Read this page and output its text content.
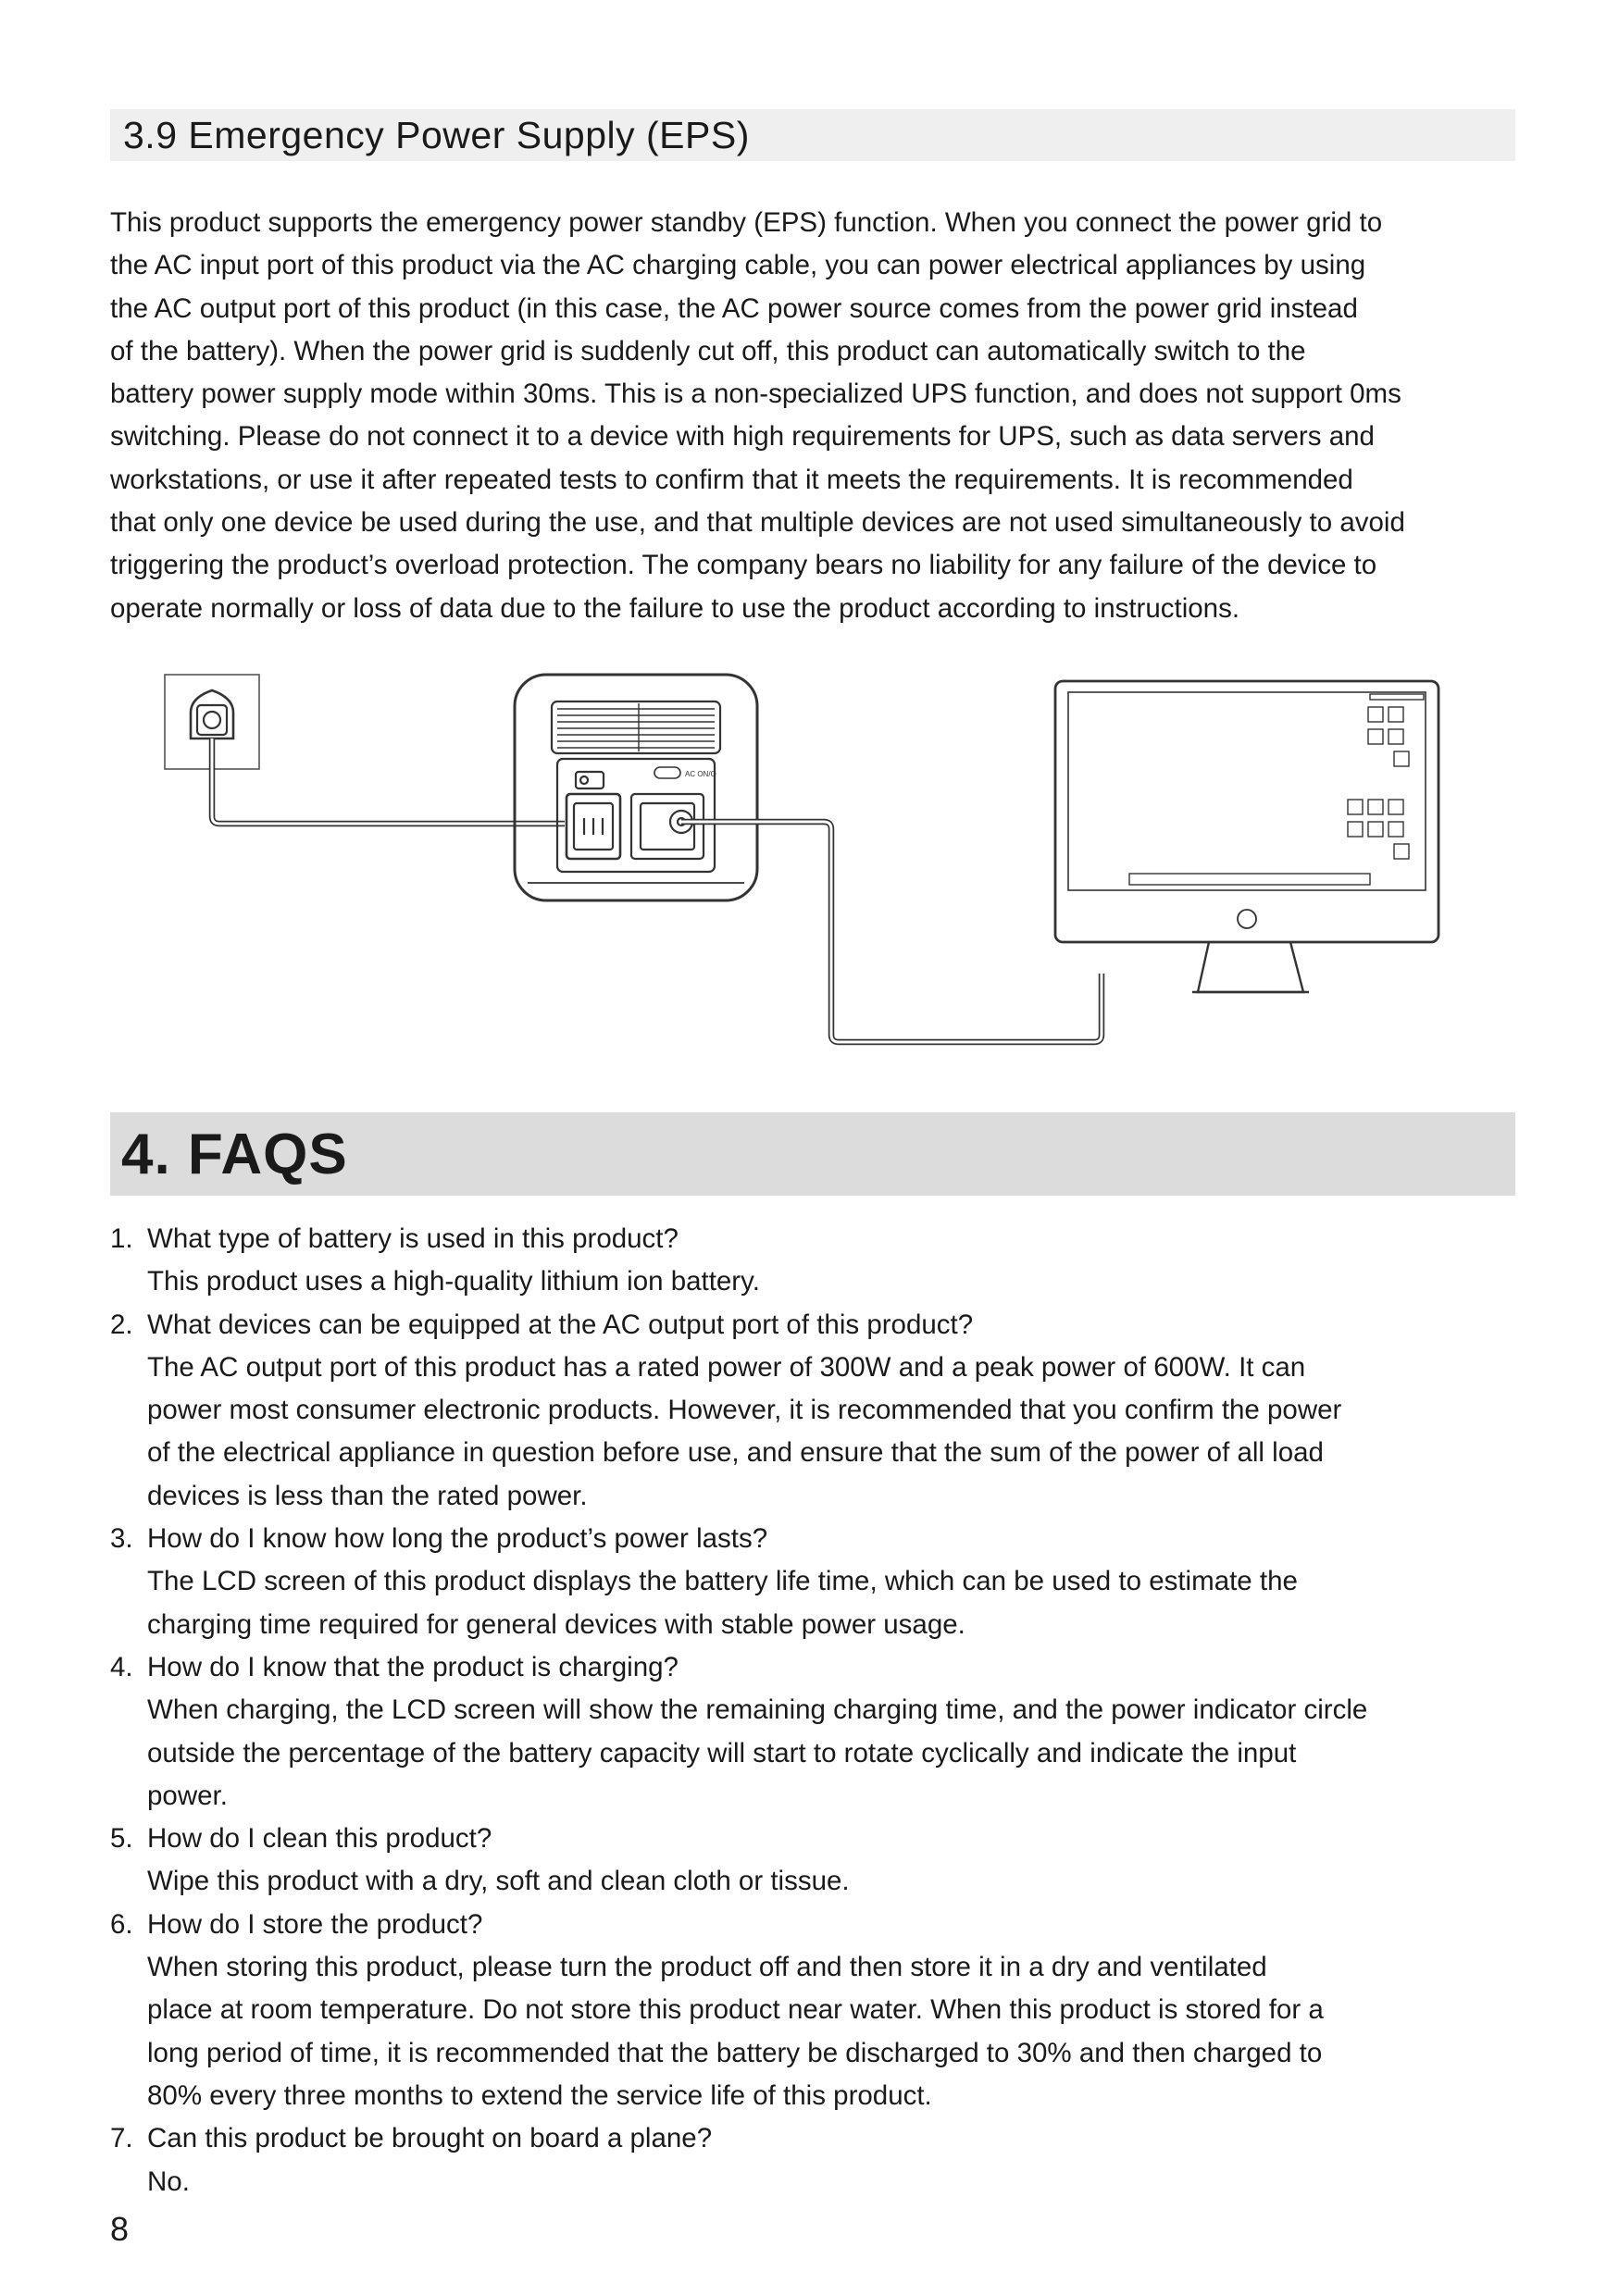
3.9 Emergency Power Supply (EPS)

This product supports the emergency power standby (EPS) function. When you connect the power grid to
the AC input port of this product via the AC charging cable, you can power electrical appliances by using
the AC output port of this product (in this case, the AC power source comes from the power grid instead
of the battery). When the power grid is suddenly cut off, this product can automatically switch to the
battery power supply mode within 30ms. This is a non-specialized UPS function, and does not support 0ms
switching. Please do not connect it to a device with high requirements for UPS, such as data servers and
workstations, or use it after repeated tests to confirm that it meets the requirements. It is recommended
that only one device be used during the use, and that multiple devices are not used simultaneously to avoid
triggering the product’s overload protection. The company bears no liability for any failure of the device to
operate normally or loss of data due to the failure to use the product according to instructions.

AC ON/O
4. FAQS
1. What type of battery is used in this product?
This product uses a high-quality lithium ion battery.
2. What devices can be equipped at the AC output port of this product?
The AC output port of this product has a rated power of 300W and a peak power of 600W. It can
power most consumer electronic products. However, it is recommended that you confirm the power
of the electrical appliance in question before use, and ensure that the sum of the power of all load
devices is less than the rated power.
3. How do I know how long the product’s power lasts?
The LCD screen of this product displays the battery life time, which can be used to estimate the
charging time required for general devices with stable power usage.
4. How do I know that the product is charging?
When charging, the LCD screen will show the remaining charging time, and the power indicator circle
outside the percentage of the battery capacity will start to rotate cyclically and indicate the input
power.
5. How do I clean this product?
Wipe this product with a dry, soft and clean cloth or tissue.
6. How do I store the product?
When storing this product, please turn the product off and then store it in a dry and ventilated
place at room temperature. Do not store this product near water. When this product is stored for a
long period of time, it is recommended that the battery be discharged to 30% and then charged to
80% every three months to extend the service life of this product.
7. Can this product be brought on board a plane?
No.
8
